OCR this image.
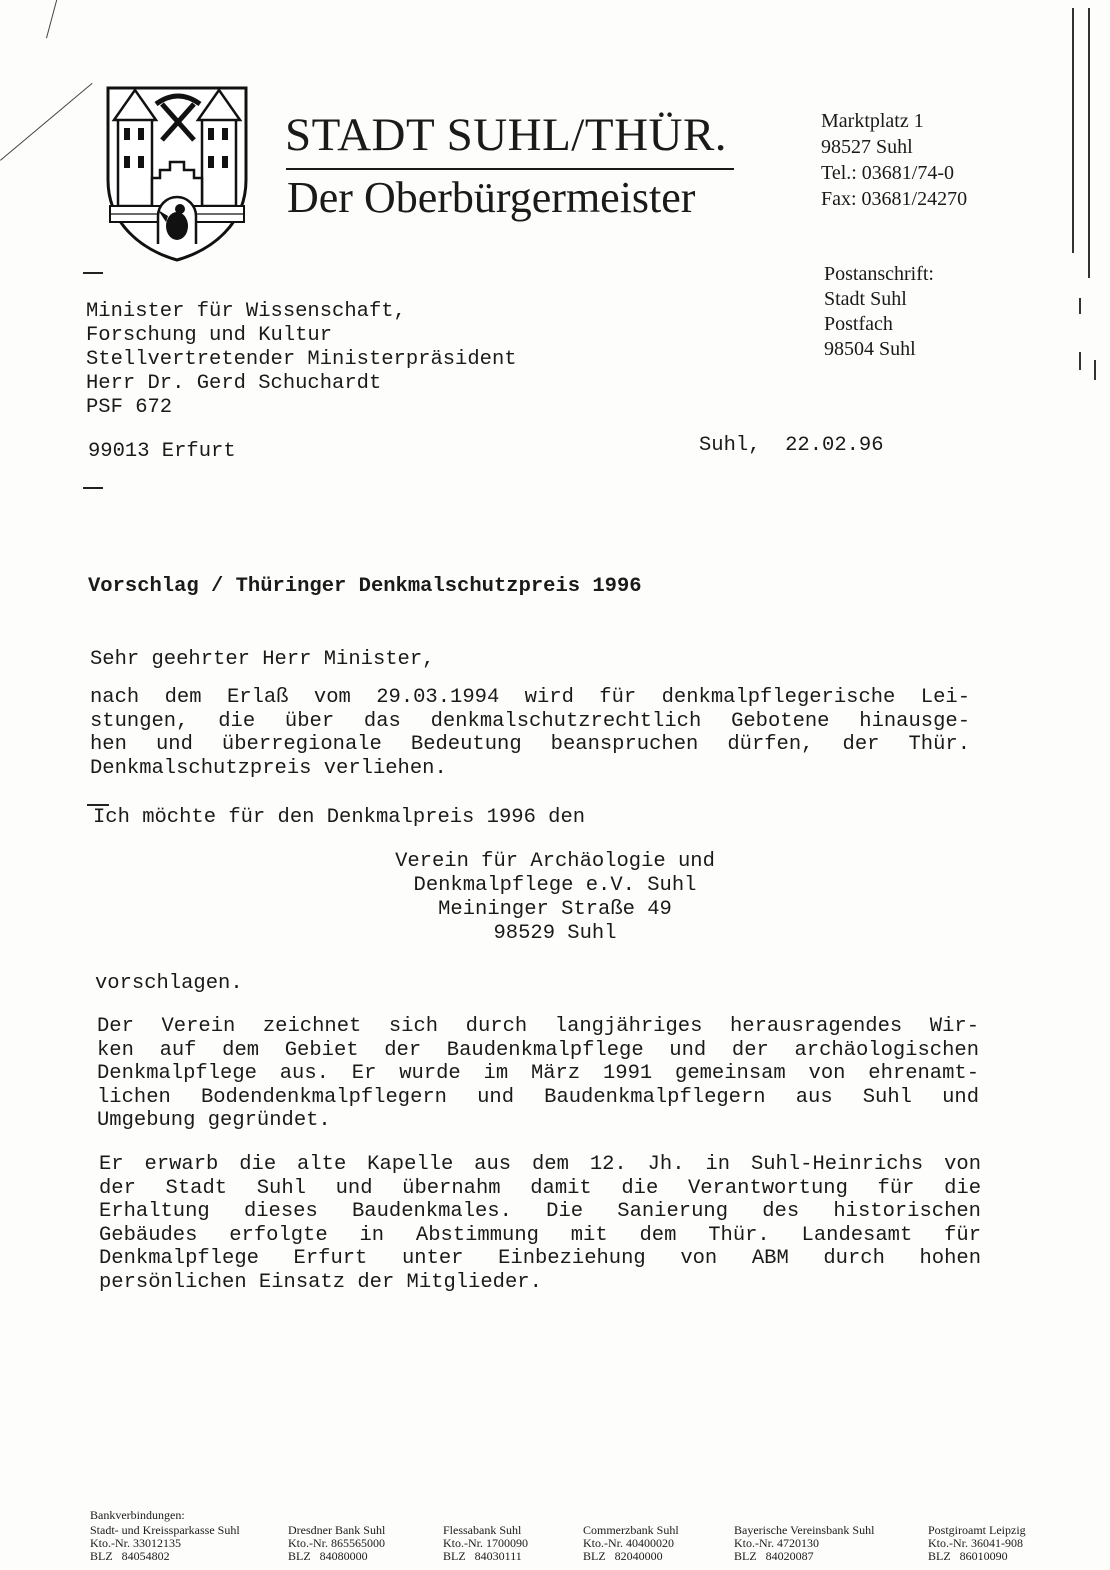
STADT SUHL/THÜR.
Der Oberbürgermeister
Marktplatz 1
98527 Suhl
Tel.: 03681/74-0
Fax: 03681/24270
Postanschrift:
Stadt Suhl
Postfach
98504 Suhl
Minister für Wissenschaft,
Forschung und Kultur
Stellvertretender Ministerpräsident
Herr Dr. Gerd Schuchardt
PSF 672
99013 Erfurt	Suhl,  22.02.96
Vorschlag / Thüringer Denkmalschutzpreis 1996
Sehr geehrter Herr Minister,
nach dem Erlaß vom 29.03.1994 wird für denkmalpflegerische Lei-
stungen, die über das denkmalschutzrechtlich Gebotene hinausge-
hen und überregionale Bedeutung beanspruchen dürfen, der Thür.
Denkmalschutzpreis verliehen.
Ich möchte für den Denkmalpreis 1996 den
Verein für Archäologie und
Denkmalpflege e.V. Suhl
Meininger Straße 49
98529 Suhl
vorschlagen.
Der Verein zeichnet sich durch langjähriges herausragendes Wir-
ken auf dem Gebiet der Baudenkmalpflege und der archäologischen
Denkmalpflege aus. Er wurde im März 1991 gemeinsam von ehrenamt-
lichen Bodendenkmalpflegern und Baudenkmalpflegern aus Suhl und
Umgebung gegründet.
Er erwarb die alte Kapelle aus dem 12. Jh. in Suhl-Heinrichs von
der Stadt Suhl und übernahm damit die Verantwortung für die
Erhaltung dieses Baudenkmales. Die Sanierung des historischen
Gebäudes erfolgte in Abstimmung mit dem Thür. Landesamt für
Denkmalpflege Erfurt unter Einbeziehung von ABM durch hohen
persönlichen Einsatz der Mitglieder.
Bankverbindungen:
Stadt- und Kreissparkasse Suhl
Kto.-Nr. 33012135
BLZ   84054802
Dresdner Bank Suhl
Kto.-Nr. 865565000
BLZ   84080000
Flessabank Suhl
Kto.-Nr. 1700090
BLZ   84030111
Commerzbank Suhl
Kto.-Nr. 40400020
BLZ   82040000
Bayerische Vereinsbank Suhl
Kto.-Nr. 4720130
BLZ   84020087
Postgiroamt Leipzig
Kto.-Nr. 36041-908
BLZ   86010090
